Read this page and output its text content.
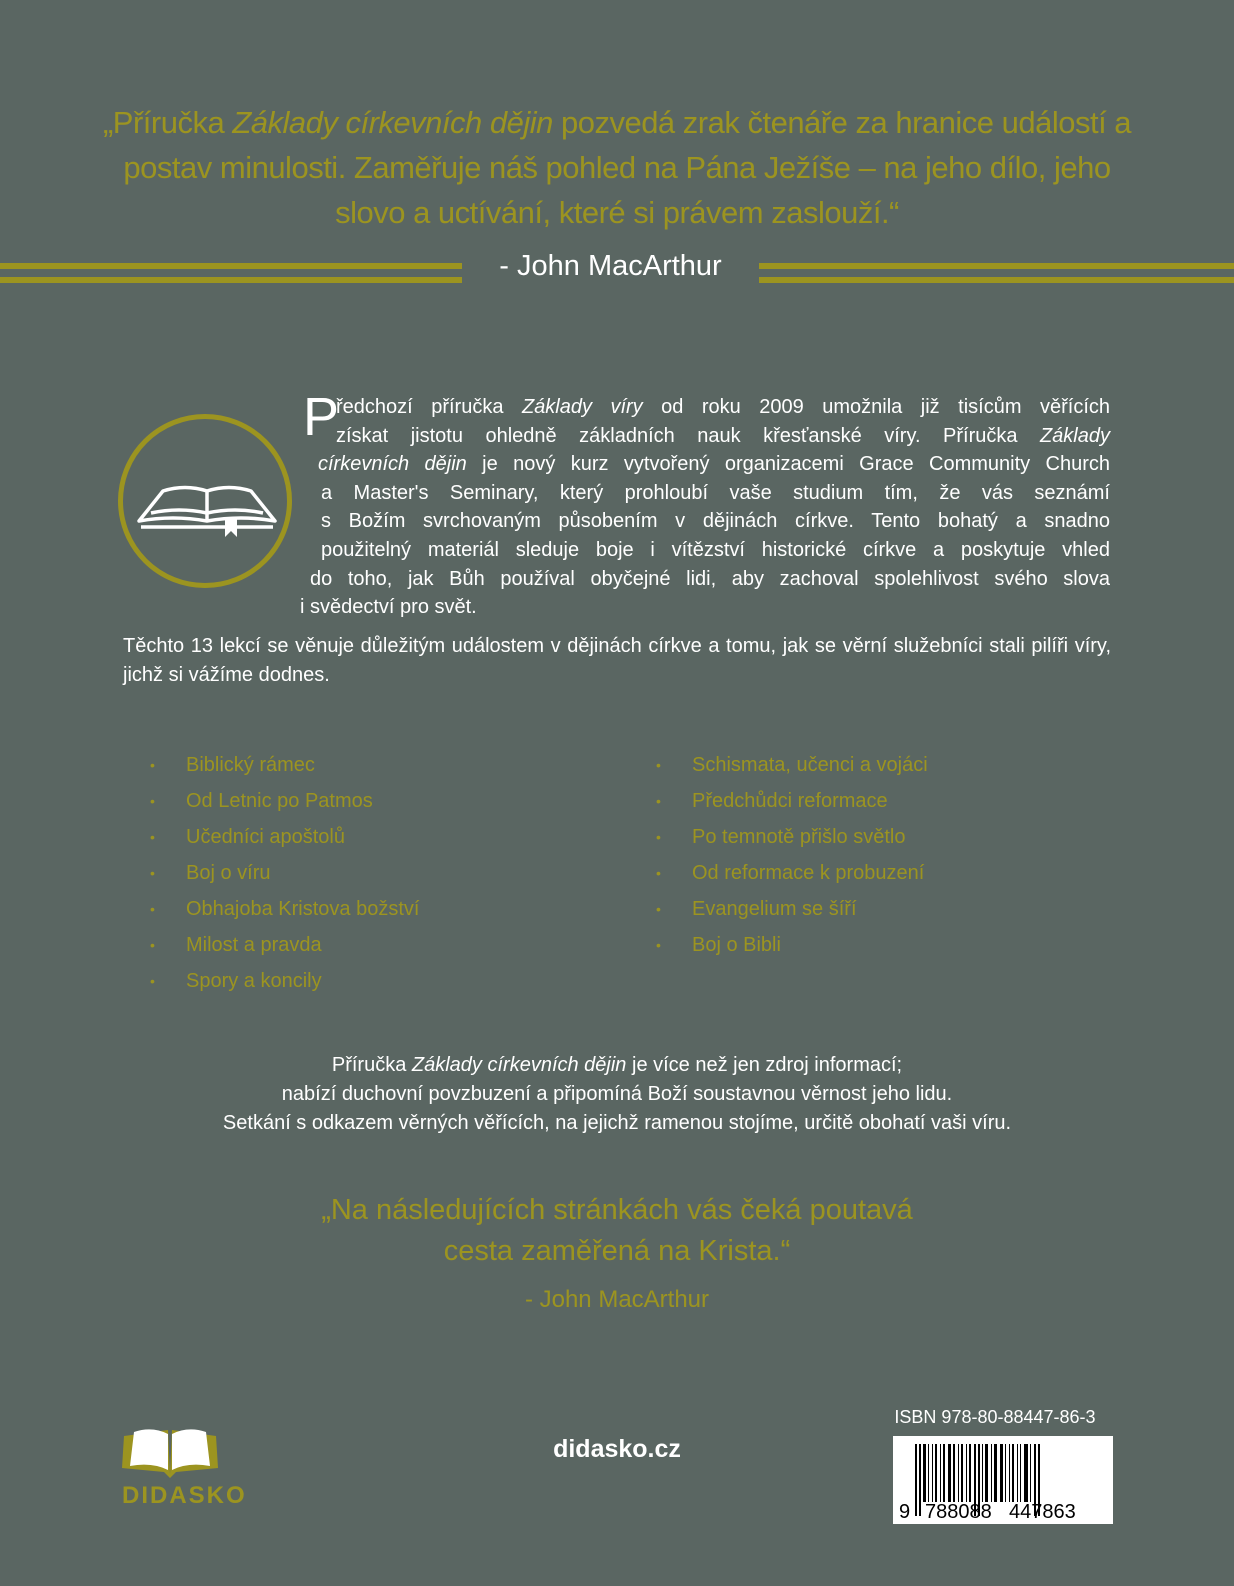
„Příručka Základy církevních dějin pozvedá zrak čtenáře za hranice událostí a postav minulosti. Zaměřuje náš pohled na Pána Ježíše – na jeho dílo, jeho slovo a uctívání, které si právem zaslouží.“
- John MacArthur
P
ředchozí příručka Základy víry od roku 2009 umožnila již tisícům věřících
získat jistotu ohledně základních nauk křesťanské víry. Příručka Základy
církevních dějin je nový kurz vytvořený organizacemi Grace Community Church
a Master's Seminary, který prohloubí vaše studium tím, že vás seznámí
s Božím svrchovaným působením v dějinách církve. Tento bohatý a snadno
použitelný materiál sleduje boje i vítězství historické církve a poskytuje vhled
do toho, jak Bůh používal obyčejné lidi, aby zachoval spolehlivost svého slova
i svědectví pro svět.
Těchto 13 lekcí se věnuje důležitým událostem v dějinách církve a tomu, jak se věrní služebníci stali pilíři víry, jichž si vážíme dodnes.
• Biblický rámec
• Od Letnic po Patmos
• Učedníci apoštolů
• Boj o víru
• Obhajoba Kristova božství
• Milost a pravda
• Spory a koncily
• Schismata, učenci a vojáci
• Předchůdci reformace
• Po temnotě přišlo světlo
• Od reformace k probuzení
• Evangelium se šíří
• Boj o Bibli
Příručka Základy církevních dějin je více než jen zdroj informací;
nabízí duchovní povzbuzení a připomíná Boží soustavnou věrnost jeho lidu.
Setkání s odkazem věrných věřících, na jejichž ramenou stojíme, určitě obohatí vaši víru.
„Na následujících stránkách vás čeká poutavá
cesta zaměřená na Krista.“
- John MacArthur
DIDASKO
didasko.cz
ISBN 978-80-88447-86-3
9 788088 447863
